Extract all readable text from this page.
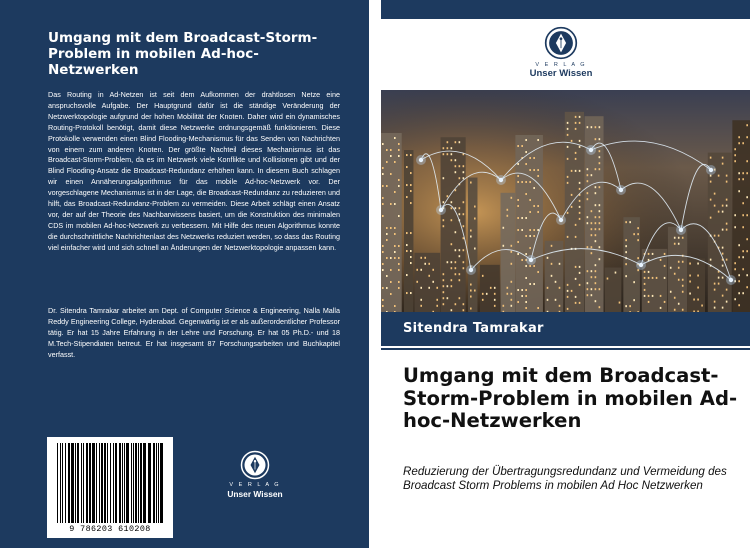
Umgang mit dem Broadcast-Storm-Problem in mobilen Ad-hoc-Netzwerken
Das Routing in Ad-Netzen ist seit dem Aufkommen der drahtlosen Netze eine anspruchsvolle Aufgabe. Der Hauptgrund dafür ist die ständige Veränderung der Netzwerktopologie aufgrund der hohen Mobilität der Knoten. Daher wird ein dynamisches Routing-Protokoll benötigt, damit diese Netzwerke ordnungsgemäß funktionieren. Diese Protokolle verwenden einen Blind Flooding-Mechanismus für das Senden von Nachrichten von einem zum anderen Knoten. Der größte Nachteil dieses Mechanismus ist das Broadcast-Storm-Problem, da es im Netzwerk viele Konflikte und Kollisionen gibt und der Blind Flooding-Ansatz die Broadcast-Redundanz erhöhen kann. In diesem Buch schlagen wir einen Annäherungsalgorithmus für das mobile Ad-hoc-Netzwerk vor. Der vorgeschlagene Mechanismus ist in der Lage, die Broadcast-Redundanz zu reduzieren und hilft, das Broadcast-Redundanz-Problem zu vermeiden. Diese Arbeit schlägt einen Ansatz vor, der auf der Theorie des Nachbarwissens basiert, um die Konstruktion des minimalen CDS im mobilen Ad-hoc-Netzwerk zu verbessern. Mit Hilfe des neuen Algorithmus konnte die durchschnittliche Nachrichtenlast des Netzwerks reduziert werden, so dass das Routing viel einfacher wird und sich schnell an Änderungen der Netzwerktopologie anpassen kann.
Dr. Sitendra Tamrakar arbeitet am Dept. of Computer Science & Engineering, Nalla Malla Reddy Engineering College, Hyderabad. Gegenwärtig ist er als außerordentlicher Professor tätig. Er hat 15 Jahre Erfahrung in der Lehre und Forschung. Er hat 05 Ph.D.- und 18 M.Tech-Stipendiaten betreut. Er hat insgesamt 87 Forschungsarbeiten und Buchkapitel verfasst.
9 786203 610208
V E R L A G
Unser Wissen
V E R L A G
Unser Wissen
Sitendra Tamrakar
Umgang mit dem Broadcast-Storm-Problem in mobilen Ad-hoc-Netzwerken
Reduzierung der Übertragungsredundanz und Vermeidung des Broadcast Storm Problems in mobilen Ad Hoc Netzwerken
